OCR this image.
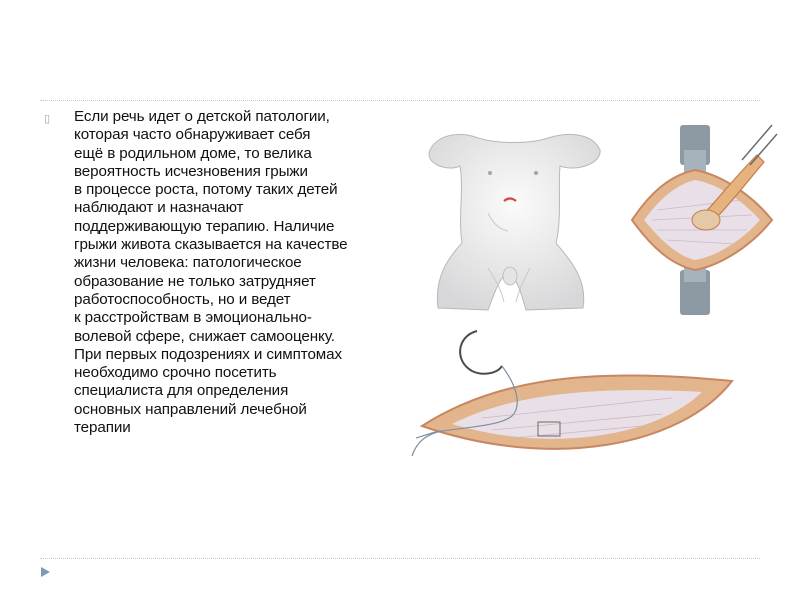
▯	Если речь идет о детской патологии,
которая часто обнаруживает себя
ещё в родильном доме, то велика
вероятность исчезновения грыжи
в процессе роста, потому таких детей
наблюдают и назначают
поддерживающую терапию. Наличие
грыжи живота сказывается на качестве
жизни человека: патологическое
образование не только затрудняет
работоспособность, но и ведет
к расстройствам в эмоционально-
волевой сфере, снижает самооценку.
При первых подозрениях и симптомах
необходимо срочно посетить
специалиста для определения
основных направлений лечебной
терапии
